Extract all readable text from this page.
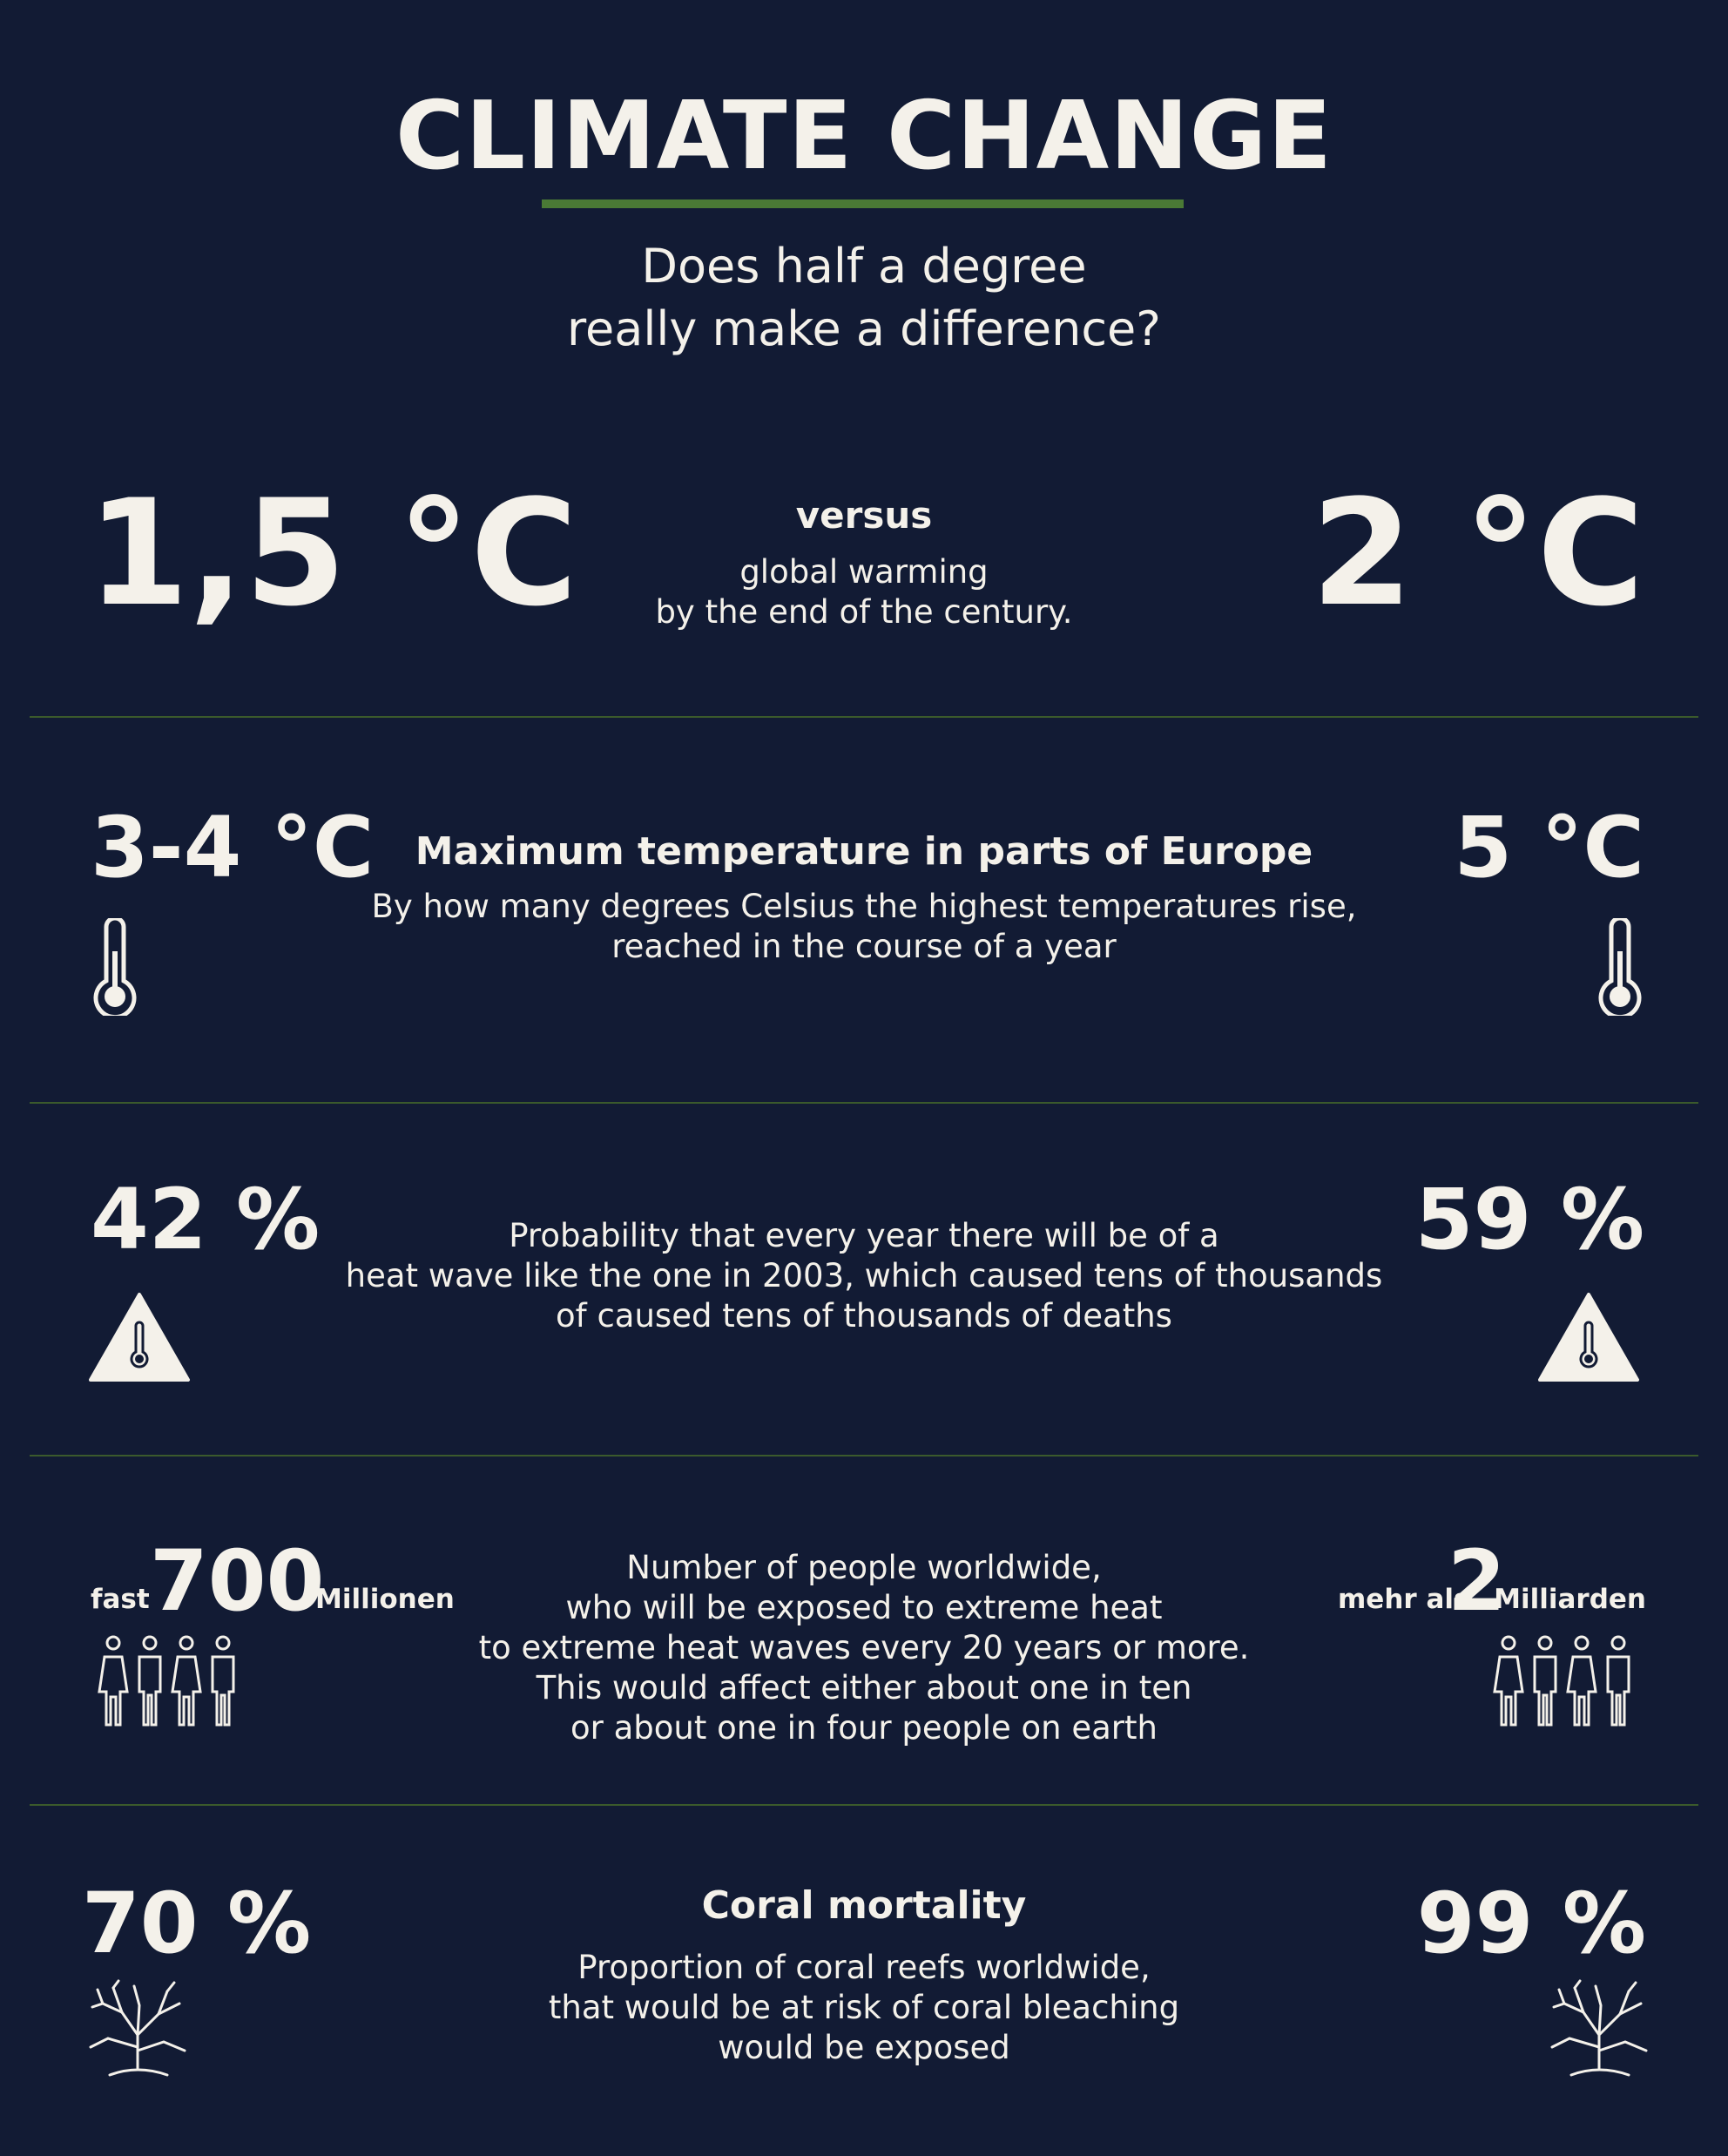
CLIMATE CHANGE
Does half a degree
really make a difference?
1,5 °C	2 °C
versus
global warming
by the end of the century.
3-4 °C	5 °C
Maximum temperature in parts of Europe
By how many degrees Celsius the highest temperatures rise,
reached in the course of a year
42 %	59 %
Probability that every year there will be of a
heat wave like the one in 2003, which caused tens of thousands
of caused tens of thousands of deaths
fast 700
Millionen	mehr als
2
Milliarden
Number of people worldwide,
who will be exposed to extreme heat
to extreme heat waves every 20 years or more.
This would affect either about one in ten
or about one in four people on earth
70 %	99 %
Coral mortality
Proportion of coral reefs worldwide,
that would be at risk of coral bleaching
would be exposed
